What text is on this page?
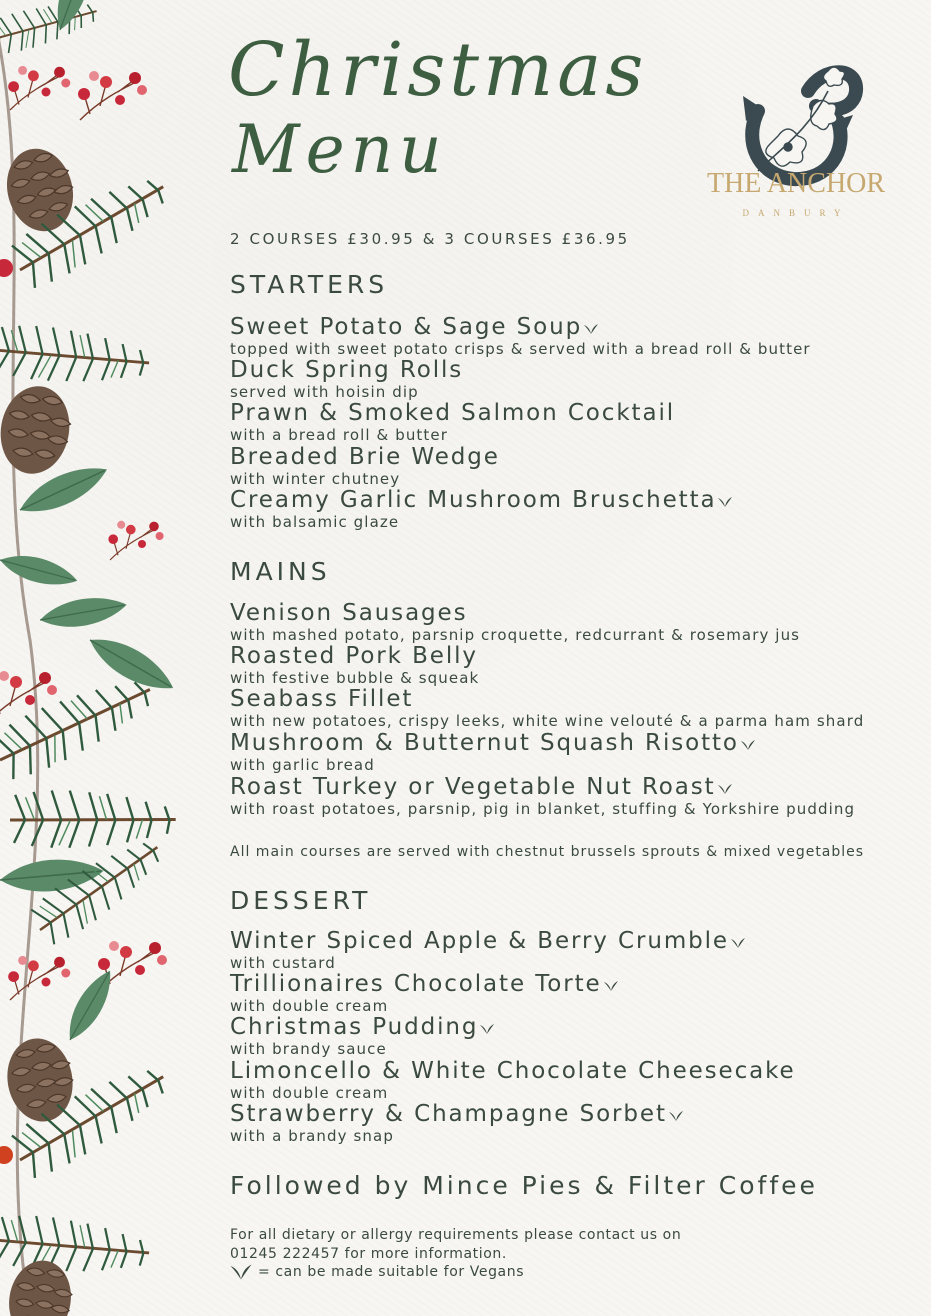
Christmas
Menu	THE ANCHOR
DANBURY
2 COURSES £30.95 & 3 COURSES £36.95
STARTERS
Sweet Potato & Sage Soup
topped with sweet potato crisps & served with a bread roll & butter
Duck Spring Rolls
served with hoisin dip
Prawn & Smoked Salmon Cocktail
with a bread roll & butter
Breaded Brie Wedge
with winter chutney
Creamy Garlic Mushroom Bruschetta
with balsamic glaze
MAINS
Venison Sausages
with mashed potato, parsnip croquette, redcurrant & rosemary jus
Roasted Pork Belly
with festive bubble & squeak
Seabass Fillet
with new potatoes, crispy leeks, white wine velouté & a parma ham shard
Mushroom & Butternut Squash Risotto
with garlic bread
Roast Turkey or Vegetable Nut Roast
with roast potatoes, parsnip, pig in blanket, stuffing & Yorkshire pudding
All main courses are served with chestnut brussels sprouts & mixed vegetables
DESSERT
Winter Spiced Apple & Berry Crumble
with custard
Trillionaires Chocolate Torte
with double cream
Christmas Pudding
with brandy sauce
Limoncello & White Chocolate Cheesecake
with double cream
Strawberry & Champagne Sorbet
with a brandy snap
Followed by Mince Pies & Filter Coffee
For all dietary or allergy requirements please contact us on
01245 222457 for more information.
= can be made suitable for Vegans
